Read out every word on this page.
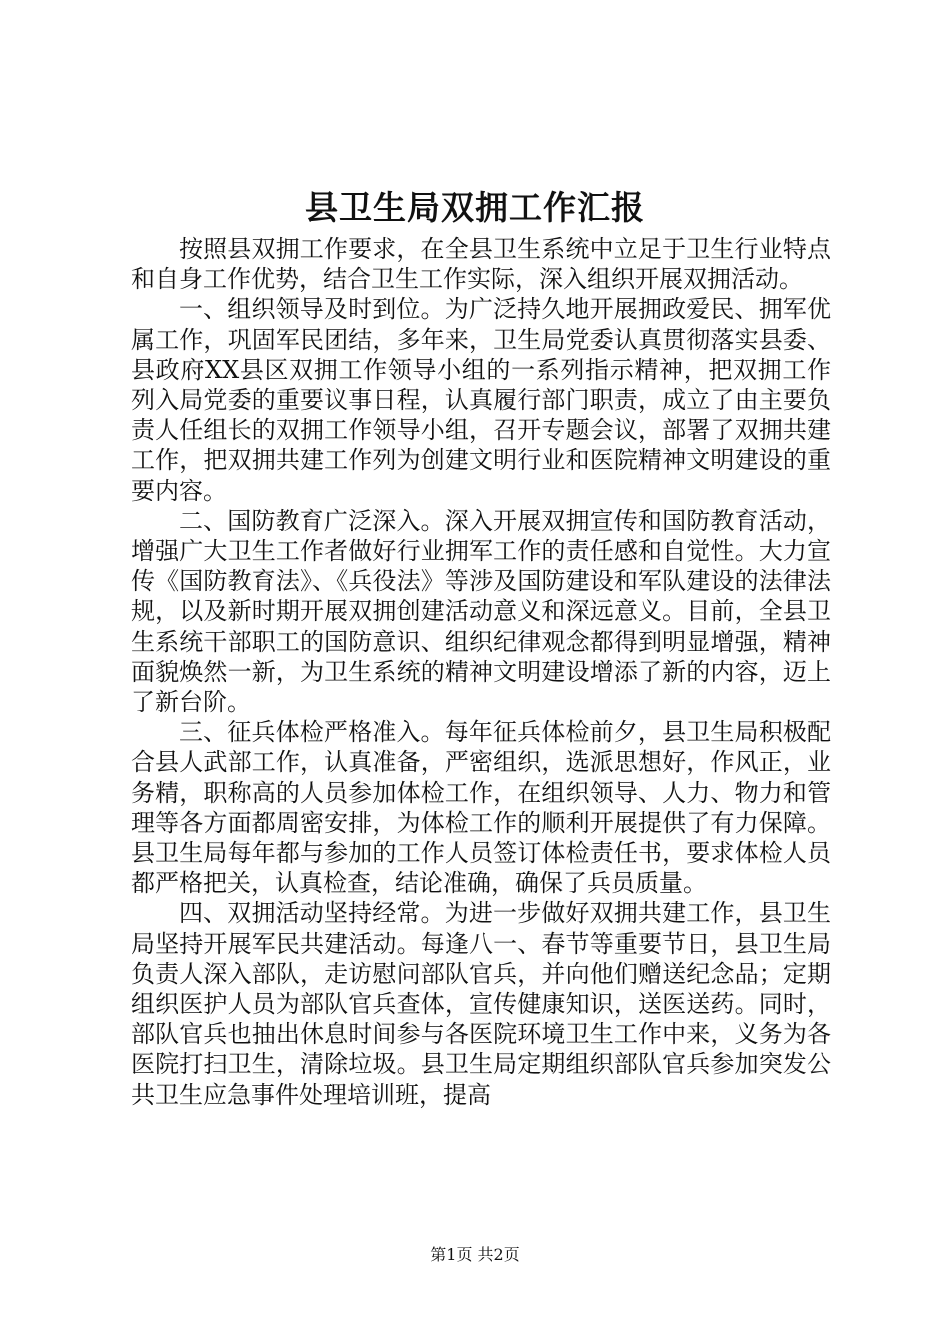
县卫生局双拥工作汇报

按照县双拥工作要求，在全县卫生系统中立足于卫生行业特点和自身工作优势，结合卫生工作实际，深入组织开展双拥活动。

一、组织领导及时到位。为广泛持久地开展拥政爱民、拥军优属工作，巩固军民团结，多年来，卫生局党委认真贯彻落实县委、县政府XX县区双拥工作领导小组的一系列指示精神，把双拥工作列入局党委的重要议事日程，认真履行部门职责，成立了由主要负责人任组长的双拥工作领导小组，召开专题会议，部署了双拥共建工作，把双拥共建工作列为创建文明行业和医院精神文明建设的重要内容。

二、国防教育广泛深入。深入开展双拥宣传和国防教育活动，增强广大卫生工作者做好行业拥军工作的责任感和自觉性。大力宣传《国防教育法》、《兵役法》等涉及国防建设和军队建设的法律法规，以及新时期开展双拥创建活动意义和深远意义。目前，全县卫生系统干部职工的国防意识、组织纪律观念都得到明显增强，精神面貌焕然一新，为卫生系统的精神文明建设增添了新的内容，迈上了新台阶。

三、征兵体检严格准入。每年征兵体检前夕，县卫生局积极配合县人武部工作，认真准备，严密组织，选派思想好，作风正，业务精，职称高的人员参加体检工作，在组织领导、人力、物力和管理等各方面都周密安排，为体检工作的顺利开展提供了有力保障。县卫生局每年都与参加的工作人员签订体检责任书，要求体检人员都严格把关，认真检查，结论准确，确保了兵员质量。

四、双拥活动坚持经常。为进一步做好双拥共建工作，县卫生局坚持开展军民共建活动。每逢八一、春节等重要节日，县卫生局负责人深入部队，走访慰问部队官兵，并向他们赠送纪念品；定期组织医护人员为部队官兵查体，宣传健康知识，送医送药。同时，部队官兵也抽出休息时间参与各医院环境卫生工作中来，义务为各医院打扫卫生，清除垃圾。县卫生局定期组织部队官兵参加突发公共卫生应急事件处理培训班，提高

第1页 共2页
